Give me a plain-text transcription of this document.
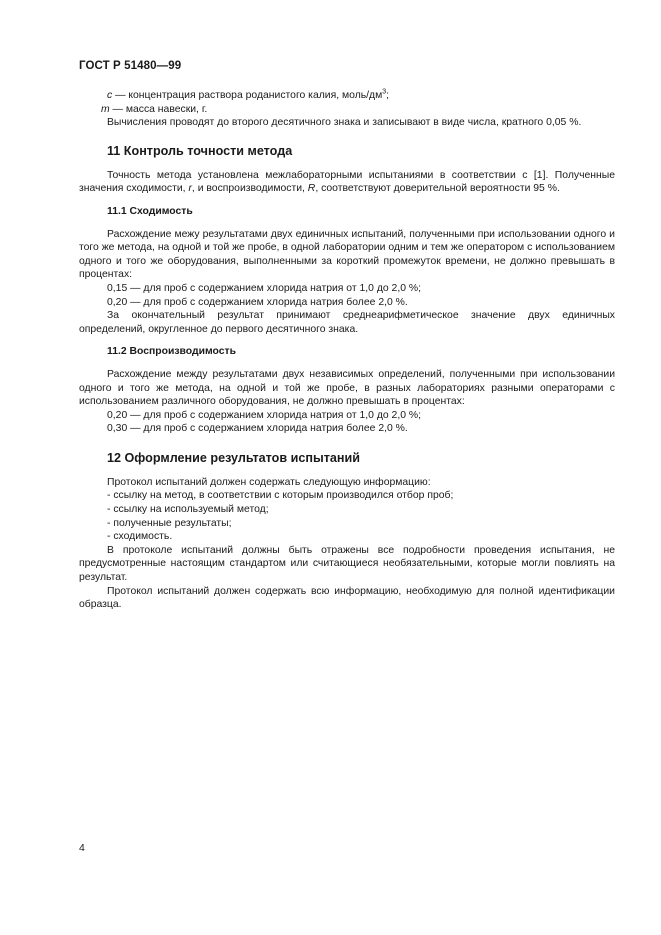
ГОСТ Р 51480—99

c — концентрация раствора роданистого калия, моль/$дм^3$;

m — масса навески, г.

Вычисления проводят до второго десятичного знака и записывают в виде числа, кратного 0,05 %.

11 Контроль точности метода

Точность метода установлена межлабораторными испытаниями в соответствии с [1]. Полученные значения сходимости, r, и воспроизводимости, R, соответствуют доверительной вероятности 95 %.

11.1 Сходимость

Расхождение межу результатами двух единичных испытаний, полученными при использовании одного и того же метода, на одной и той же пробе, в одной лаборатории одним и тем же оператором с использованием одного и того же оборудования, выполненными за короткий промежуток времени, не должно превышать в процентах:

0,15 — для проб с содержанием хлорида натрия от 1,0 до 2,0 %;

0,20 — для проб с содержанием хлорида натрия более 2,0 %.

За окончательный результат принимают среднеарифметическое значение двух единичных определений, округленное до первого десятичного знака.

11.2 Воспроизводимость

Расхождение между результатами двух независимых определений, полученными при использовании одного и того же метода, на одной и той же пробе, в разных лабораториях разными операторами с использованием различного оборудования, не должно превышать в процентах:

0,20 — для проб с содержанием хлорида натрия от 1,0 до 2,0 %;

0,30 — для проб с содержанием хлорида натрия более 2,0 %.

12 Оформление результатов испытаний

Протокол испытаний должен содержать следующую информацию:

- ссылку на метод, в соответствии с которым производился отбор проб;

- ссылку на используемый метод;

- полученные результаты;

- сходимость.

В протоколе испытаний должны быть отражены все подробности проведения испытания, не предусмотренные настоящим стандартом или считающиеся необязательными, которые могли повлиять на результат.

Протокол испытаний должен содержать всю информацию, необходимую для полной идентификации образца.

4
